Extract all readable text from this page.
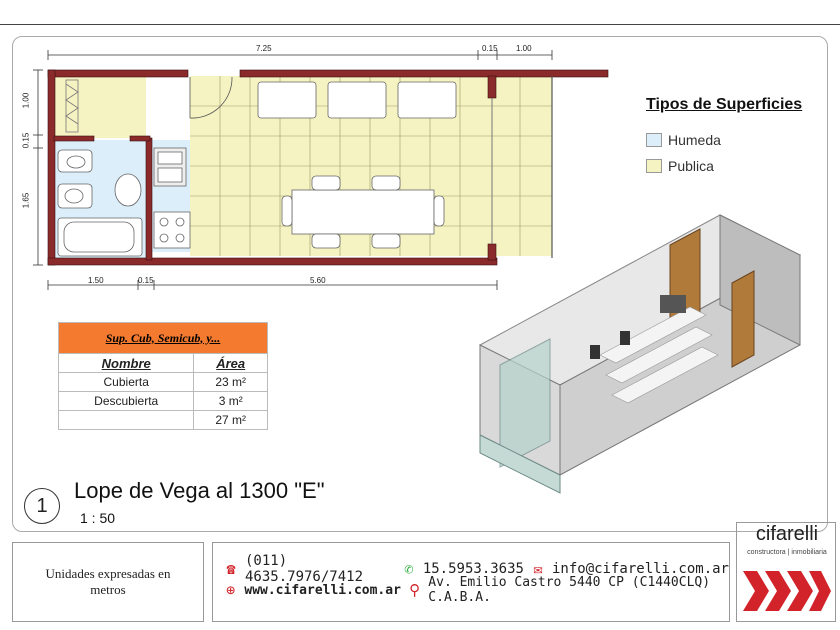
7.25	0.15 1.00
1.50	0.15	5.60
1.00
0.15
1.65
Tipos de Superficies
Humeda
Publica
Sup. Cub, Semicub, y...	
Nombre	Área
Cubierta	23 m²
Descubierta	3 m²
	27 m²
1
Lope de Vega al 1300 "E"
1 : 50
Unidades expresadas en metros
☎ (011) 4635.7976/7412	✆ 15.5953.3635 ✉ info@cifarelli.com.ar
⊕ www.cifarelli.com.ar ⚲ Av. Emilio Castro 5440 CP (C1440CLQ) C.A.B.A.
cifarelli
constructora | inmobiliaria
